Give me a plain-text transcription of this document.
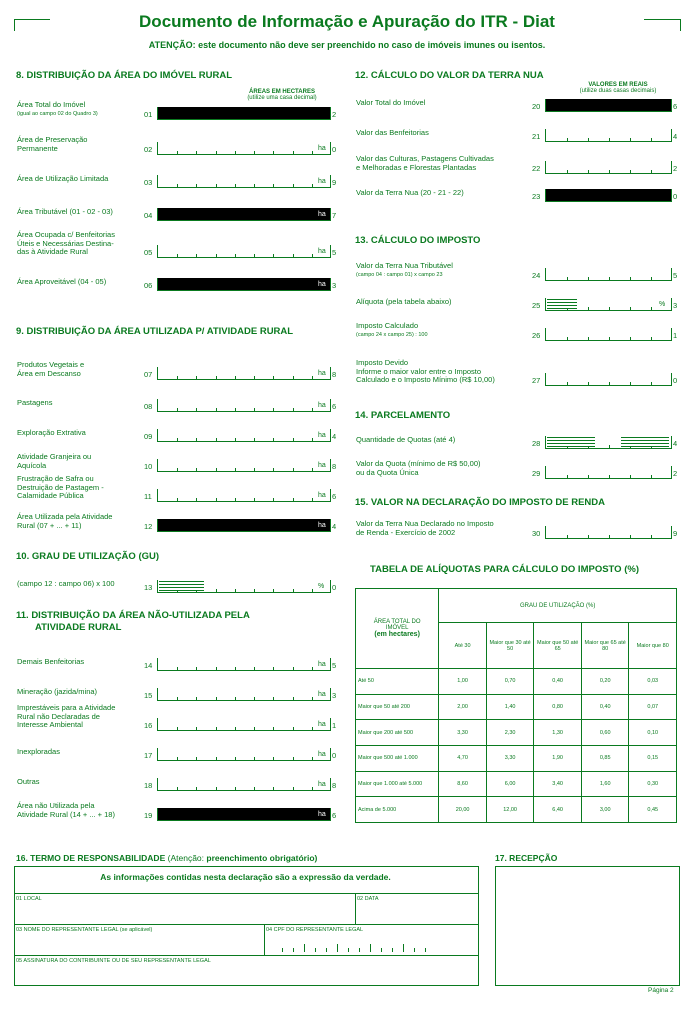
Documento de Informação e Apuração do ITR - Diat
ATENÇÃO: este documento não deve ser preenchido no caso de imóveis imunes ou isentos.
8. DISTRIBUIÇÃO DA ÁREA DO IMÓVEL RURAL
ÁREAS EM HECTARES
(utilize uma casa decimal)
Área Total do Imóvel
(igual ao campo 02 do Quadro 3)	01	2
Área de Preservação
Permanente	02	ha 0
Área de Utilização Limitada	03	ha 9
Área Tributável (01 - 02 - 03)	04	ha 7
Área Ocupada c/ Benfeitorias
Úteis e Necessárias Destina-
das à Atividade Rural	05	ha 5
Área Aproveitável (04 - 05)	06	ha 3
9. DISTRIBUIÇÃO DA ÁREA UTILIZADA P/ ATIVIDADE RURAL
Produtos Vegetais e
Área em Descanso	07	ha 8
Pastagens	08	ha 6
Exploração Extrativa	09	ha 4
Atividade Granjeira ou
Aquícola	10	ha 8
Frustração de Safra ou
Destruição de Pastagem -
Calamidade Pública	11	ha 6
Área Utilizada pela Atividade
Rural (07 + ... + 11)	12	ha 4
10. GRAU DE UTILIZAÇÃO (GU)
(campo 12 : campo 06) x 100	13	% 0
11. DISTRIBUIÇÃO DA ÁREA NÃO-UTILIZADA PELA
ATIVIDADE RURAL
Demais Benfeitorias	14	ha 5
Mineração (jazida/mina)	15	ha 3
Imprestáveis para a Atividade
Rural não Declaradas de
Interesse Ambiental	16	ha 1
Inexploradas	17	ha 0
Outras	18	ha 8
Área não Utilizada pela
Atividade Rural (14 + ... + 18)	19	ha 6
12. CÁLCULO DO VALOR DA TERRA NUA
VALORES EM REAIS
(utilize duas casas decimais)
Valor Total do Imóvel	20	6
Valor das Benfeitorias	21	4
Valor das Culturas, Pastagens Cultivadas
e Melhoradas e Florestas Plantadas	22	2
Valor da Terra Nua (20 - 21 - 22)	23	0
13. CÁLCULO DO IMPOSTO
Valor da Terra Nua Tributável
(campo 04 : campo 01) x campo 23	24	5
Alíquota (pela tabela abaixo)	25	% 3
Imposto Calculado
(campo 24 x campo 25) : 100	26	1
Imposto Devido
Informe o maior valor entre o Imposto
Calculado e o Imposto Mínimo (R$ 10,00)	27	0
14. PARCELAMENTO
Quantidade de Quotas (até 4)	28	4
Valor da Quota (mínimo de R$ 50,00)
ou da Quota Única	29	2
15. VALOR NA DECLARAÇÃO DO IMPOSTO DE RENDA
Valor da Terra Nua Declarado no Imposto
de Renda - Exercício de 2002	30	9
TABELA DE ALÍQUOTAS PARA CÁLCULO DO IMPOSTO (%)
ÁREA TOTAL DO
IMÓVEL
(em hectares)	GRAU DE UTILIZAÇÃO (%)				
	Até 30	Maior que 30 até 50	Maior que 50 até 65	Maior que 65 até 80	Maior que 80
Até 50	1,00	0,70	0,40	0,20	0,03
Maior que 50 até 200	2,00	1,40	0,80	0,40	0,07
Maior que 200 até 500	3,30	2,30	1,30	0,60	0,10
Maior que 500 até 1.000	4,70	3,30	1,90	0,85	0,15
Maior que 1.000 até 5.000	8,60	6,00	3,40	1,60	0,30
Acima de 5.000	20,00	12,00	6,40	3,00	0,45
16. TERMO DE RESPONSABILIDADE (Atenção: preenchimento obrigatório)
As informações contidas nesta declaração são a expressão da verdade.
01 LOCAL	02 DATA
03 NOME DO REPRESENTANTE LEGAL (se aplicável)	04 CPF DO REPRESENTANTE LEGAL
05 ASSINATURA DO CONTRIBUINTE OU DE SEU REPRESENTANTE LEGAL
17. RECEPÇÃO
Página 2
